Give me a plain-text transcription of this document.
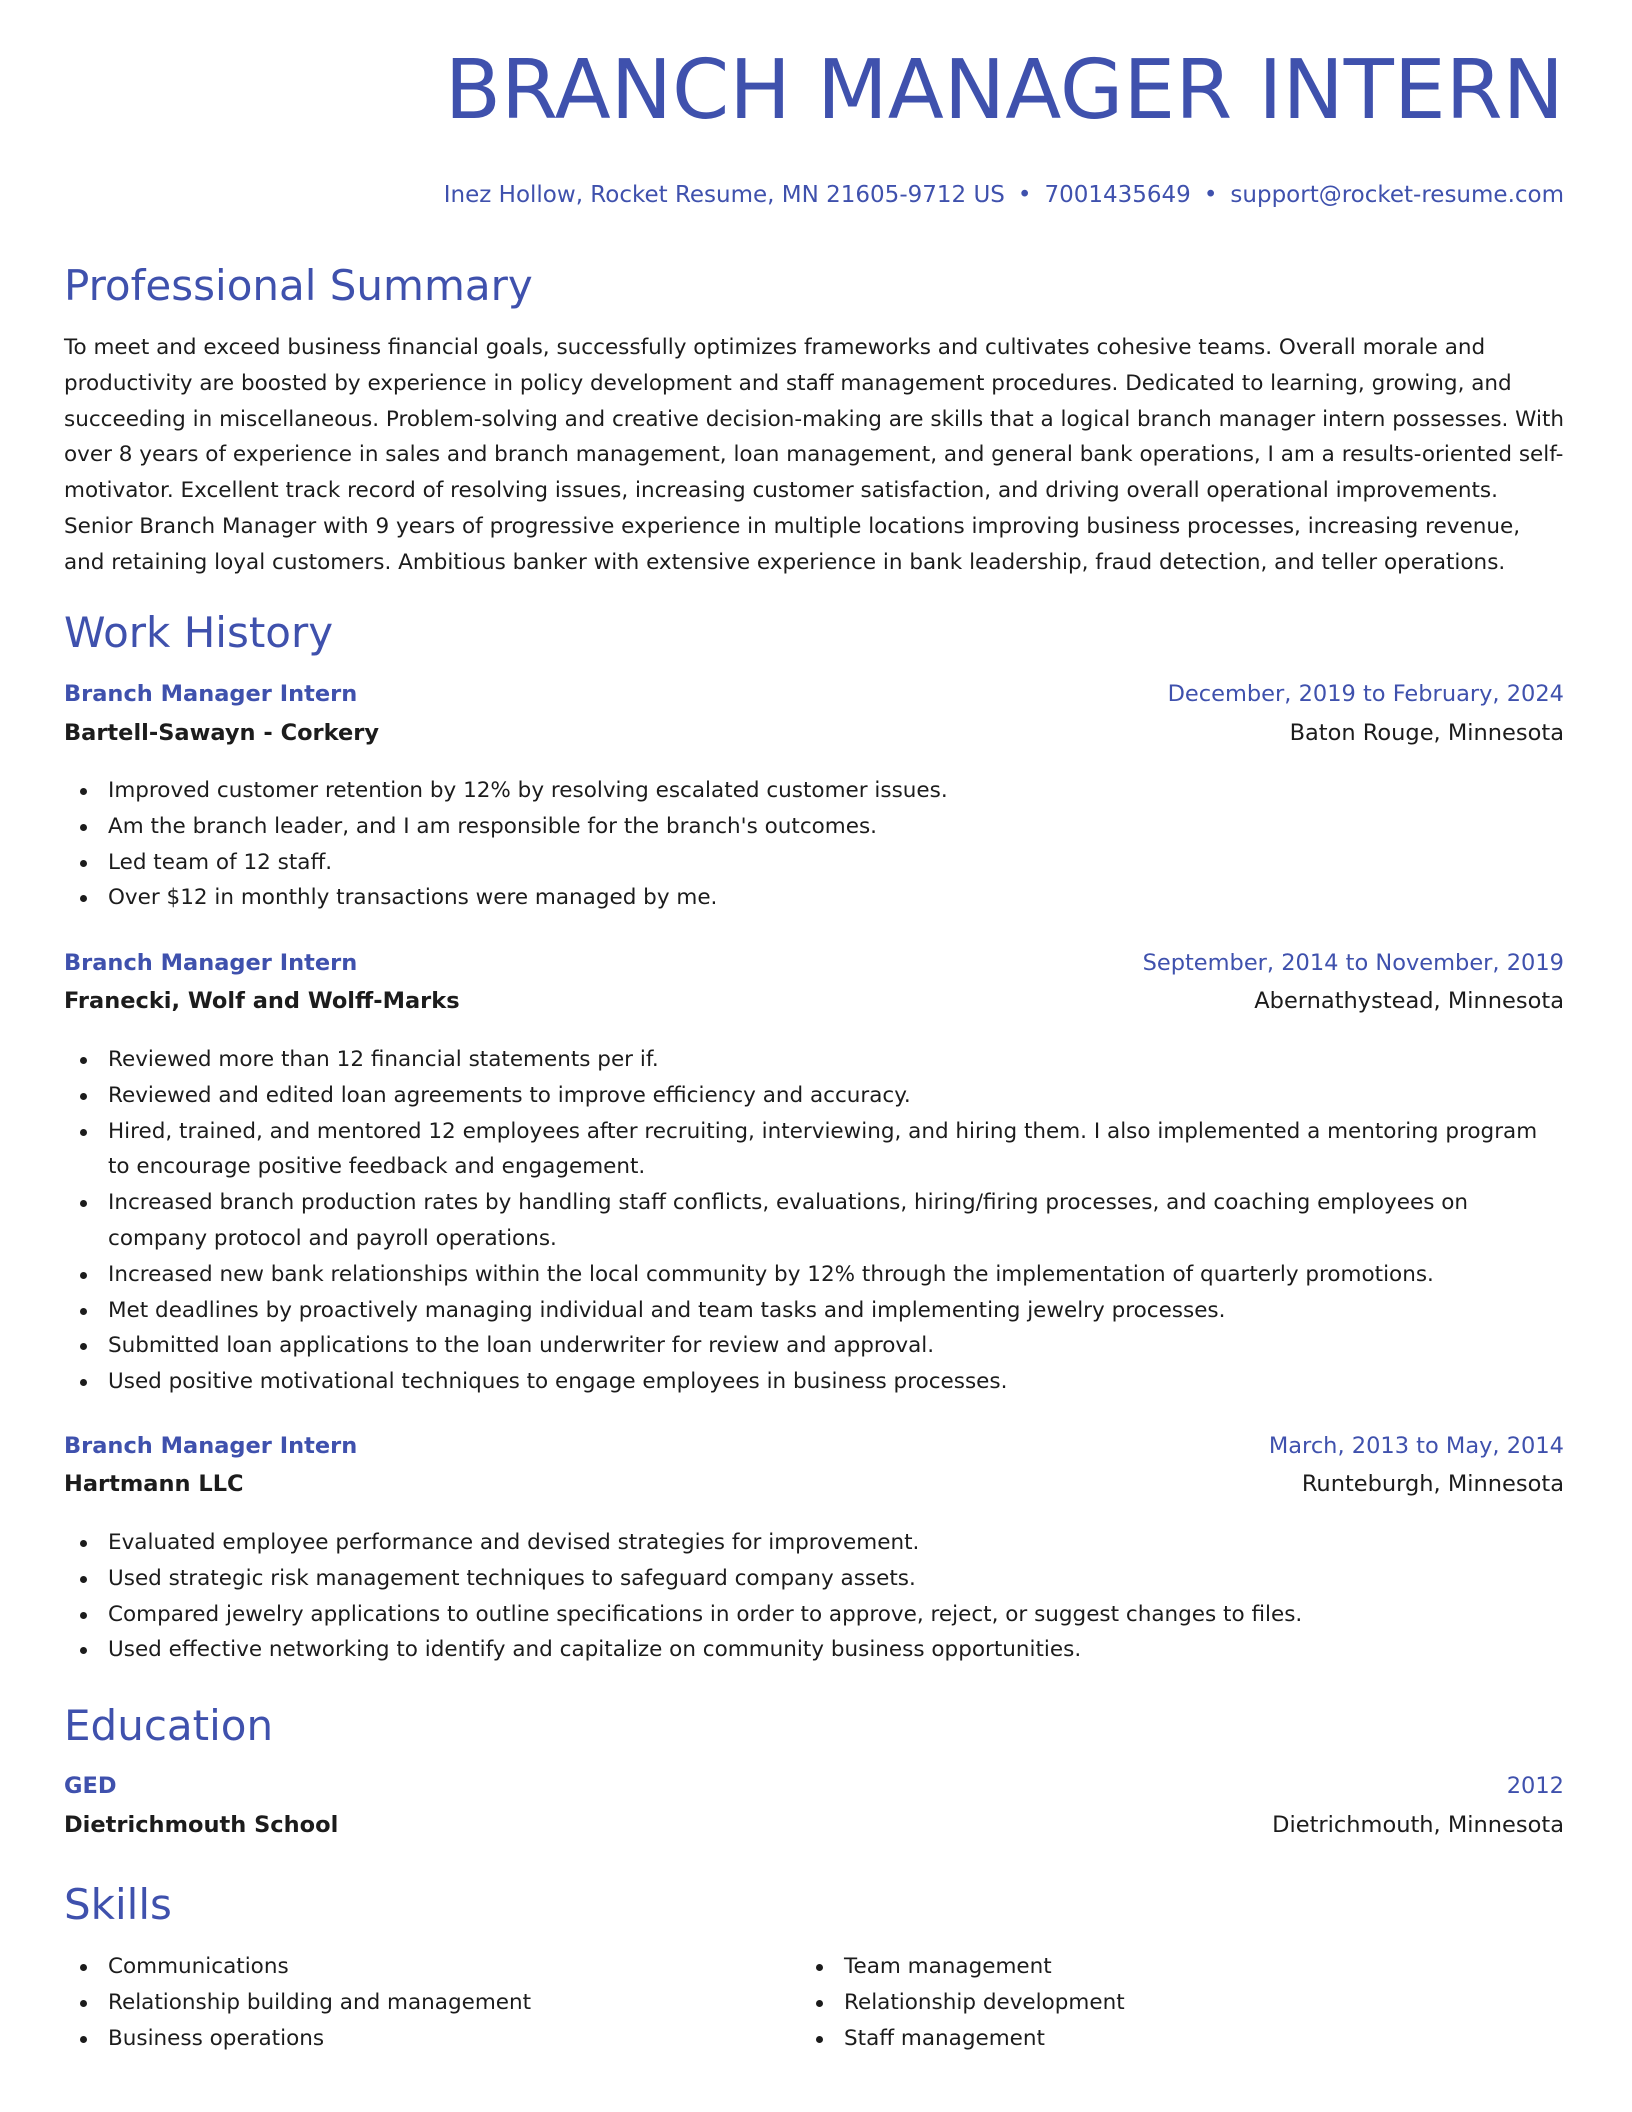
BRANCH MANAGER INTERN
Inez Hollow, Rocket Resume, MN 21605-9712 US • 7001435649 • support@rocket-resume.com
Professional Summary
To meet and exceed business financial goals, successfully optimizes frameworks and cultivates cohesive teams. Overall morale and productivity are boosted by experience in policy development and staff management procedures. Dedicated to learning, growing, and succeeding in miscellaneous. Problem-solving and creative decision-making are skills that a logical branch manager intern possesses. With over 8 years of experience in sales and branch management, loan management, and general bank operations, I am a results-oriented self-motivator. Excellent track record of resolving issues, increasing customer satisfaction, and driving overall operational improvements. Senior Branch Manager with 9 years of progressive experience in multiple locations improving business processes, increasing revenue, and retaining loyal customers. Ambitious banker with extensive experience in bank leadership, fraud detection, and teller operations.
Work History
Branch Manager Intern	December, 2019 to February, 2024
Bartell-Sawayn - Corkery	Baton Rouge, Minnesota
Improved customer retention by 12% by resolving escalated customer issues.
Am the branch leader, and I am responsible for the branch's outcomes.
Led team of 12 staff.
Over $12 in monthly transactions were managed by me.
Branch Manager Intern	September, 2014 to November, 2019
Franecki, Wolf and Wolff-Marks	Abernathystead, Minnesota
Reviewed more than 12 financial statements per if.
Reviewed and edited loan agreements to improve efficiency and accuracy.
Hired, trained, and mentored 12 employees after recruiting, interviewing, and hiring them. I also implemented a mentoring program to encourage positive feedback and engagement.
Increased branch production rates by handling staff conflicts, evaluations, hiring/firing processes, and coaching employees on company protocol and payroll operations.
Increased new bank relationships within the local community by 12% through the implementation of quarterly promotions.
Met deadlines by proactively managing individual and team tasks and implementing jewelry processes.
Submitted loan applications to the loan underwriter for review and approval.
Used positive motivational techniques to engage employees in business processes.
Branch Manager Intern	March, 2013 to May, 2014
Hartmann LLC	Runteburgh, Minnesota
Evaluated employee performance and devised strategies for improvement.
Used strategic risk management techniques to safeguard company assets.
Compared jewelry applications to outline specifications in order to approve, reject, or suggest changes to files.
Used effective networking to identify and capitalize on community business opportunities.
Education
GED	2012
Dietrichmouth School	Dietrichmouth, Minnesota
Skills
Communications
Relationship building and management
Business operations
Team management
Relationship development
Staff management
